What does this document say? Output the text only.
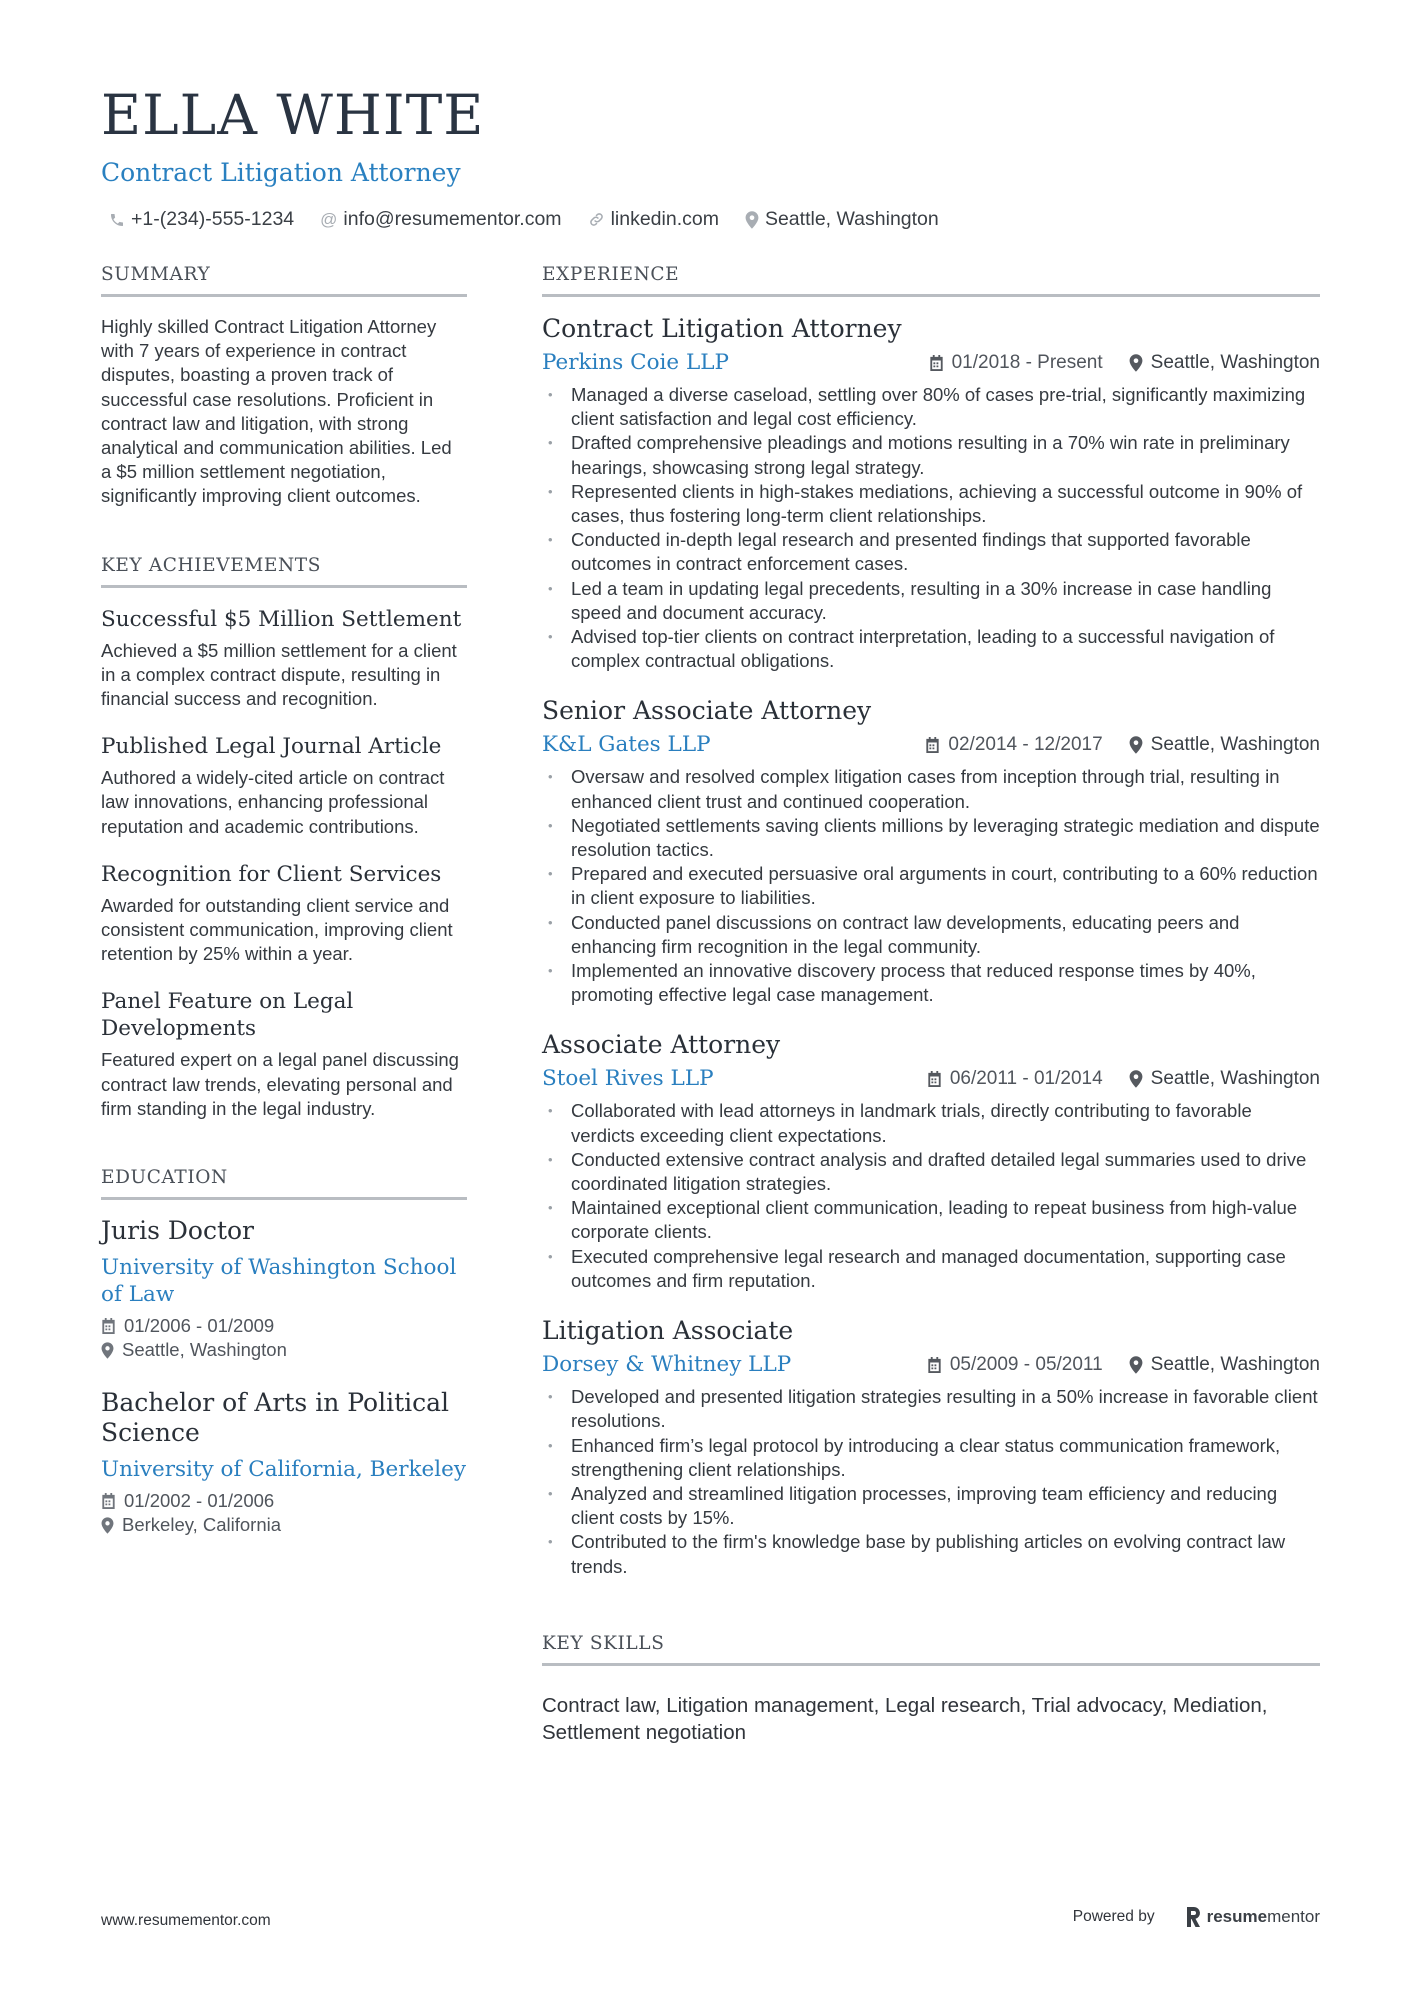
ELLA WHITE
Contract Litigation Attorney
+1-(234)-555-1234 @ info@resumementor.com	linkedin.com Seattle, Washington
SUMMARY
Highly skilled Contract Litigation Attorney with 7 years of experience in contract disputes, boasting a proven track of successful case resolutions. Proficient in contract law and litigation, with strong analytical and communication abilities. Led a $5 million settlement negotiation, significantly improving client outcomes.
KEY ACHIEVEMENTS
Successful $5 Million Settlement
Achieved a $5 million settlement for a client in a complex contract dispute, resulting in financial success and recognition.
Published Legal Journal Article
Authored a widely-cited article on contract law innovations, enhancing professional reputation and academic contributions.
Recognition for Client Services
Awarded for outstanding client service and consistent communication, improving client retention by 25% within a year.
Panel Feature on Legal Developments
Featured expert on a legal panel discussing contract law trends, elevating personal and firm standing in the legal industry.
EDUCATION
Juris Doctor
University of Washington School of Law
01/2006 - 01/2009
Seattle, Washington
Bachelor of Arts in Political Science
University of California, Berkeley
01/2002 - 01/2006
Berkeley, California
EXPERIENCE
Contract Litigation Attorney
Perkins Coie LLP	01/2018 - Present	Seattle, Washington
• Managed a diverse caseload, settling over 80% of cases pre-trial, significantly maximizing client satisfaction and legal cost efficiency.
• Drafted comprehensive pleadings and motions resulting in a 70% win rate in preliminary hearings, showcasing strong legal strategy.
• Represented clients in high-stakes mediations, achieving a successful outcome in 90% of cases, thus fostering long-term client relationships.
• Conducted in-depth legal research and presented findings that supported favorable outcomes in contract enforcement cases.
• Led a team in updating legal precedents, resulting in a 30% increase in case handling speed and document accuracy.
• Advised top-tier clients on contract interpretation, leading to a successful navigation of complex contractual obligations.
Senior Associate Attorney
K&L Gates LLP	02/2014 - 12/2017	Seattle, Washington
• Oversaw and resolved complex litigation cases from inception through trial, resulting in enhanced client trust and continued cooperation.
• Negotiated settlements saving clients millions by leveraging strategic mediation and dispute resolution tactics.
• Prepared and executed persuasive oral arguments in court, contributing to a 60% reduction in client exposure to liabilities.
• Conducted panel discussions on contract law developments, educating peers and enhancing firm recognition in the legal community.
• Implemented an innovative discovery process that reduced response times by 40%, promoting effective legal case management.
Associate Attorney
Stoel Rives LLP	06/2011 - 01/2014	Seattle, Washington
• Collaborated with lead attorneys in landmark trials, directly contributing to favorable verdicts exceeding client expectations.
• Conducted extensive contract analysis and drafted detailed legal summaries used to drive coordinated litigation strategies.
• Maintained exceptional client communication, leading to repeat business from high-value corporate clients.
• Executed comprehensive legal research and managed documentation, supporting case outcomes and firm reputation.
Litigation Associate
Dorsey & Whitney LLP	05/2009 - 05/2011	Seattle, Washington
• Developed and presented litigation strategies resulting in a 50% increase in favorable client resolutions.
• Enhanced firm’s legal protocol by introducing a clear status communication framework, strengthening client relationships.
• Analyzed and streamlined litigation processes, improving team efficiency and reducing client costs by 15%.
• Contributed to the firm's knowledge base by publishing articles on evolving contract law trends.
KEY SKILLS
Contract law, Litigation management, Legal research, Trial advocacy, Mediation, Settlement negotiation
www.resumementor.com	Powered by	resume mentor
